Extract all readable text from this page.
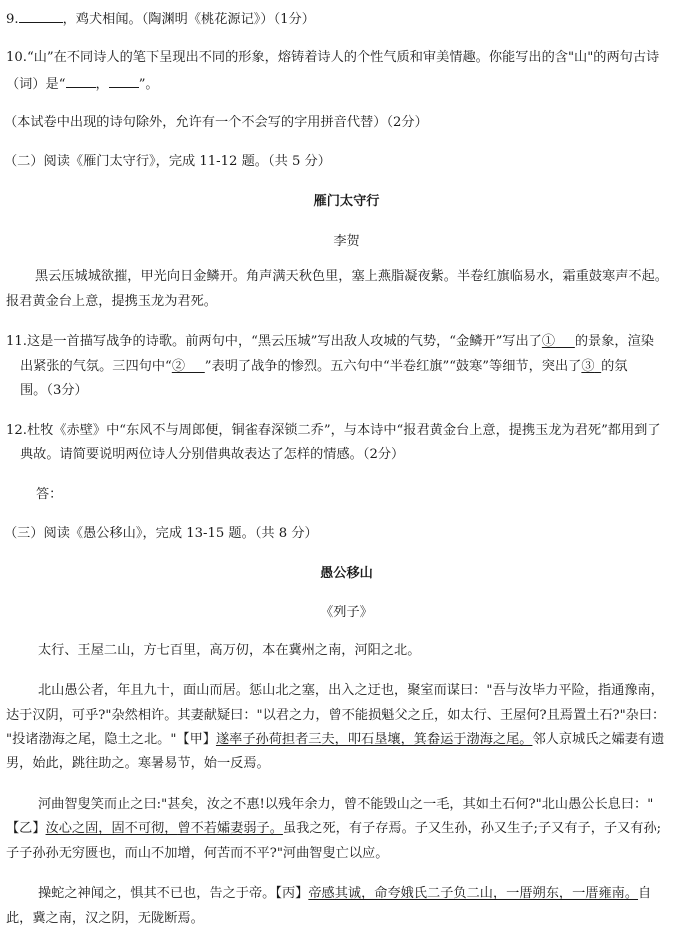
9.	，鸡犬相闻。（陶渊明《桃花源记》）（1分）
10.“山”在不同诗人的笔下呈现出不同的形象，熔铸着诗人的个性气质和审美情趣。你能写出的含"山"的两句古诗
（词）是“ ， ”。
（本试卷中出现的诗句除外，允许有一个不会写的字用拼音代替）（2分）
（二）阅读《雁门太守行》，完成 11-12 题。（共 5 分）
雁门太守行
李贺
黑云压城城欲摧，甲光向日金鳞开。角声满天秋色里，塞上燕脂凝夜紫。半卷红旗临易水，霜重鼓寒声不起。
报君黄金台上意，提携玉龙为君死。
11.这是一首描写战争的诗歌。前两句中，“黑云压城”写出敌人攻城的气势，“金鳞开”写出了①　  的景象，渲染
出紧张的气氛。三四句中“②　  ”表明了战争的惨烈。五六句中“半卷红旗”“鼓寒”等细节，突出了③  的氛
围。（3分）
12.杜牧《赤壁》中“东风不与周郎便，铜雀春深锁二乔”，与本诗中“报君黄金台上意，提携玉龙为君死”都用到了
典故。请简要说明两位诗人分别借典故表达了怎样的情感。（2分）
答：
（三）阅读《愚公移山》，完成 13-15 题。（共 8 分）
愚公移山
《列子》
太行、王屋二山，方七百里，高万仞，本在冀州之南，河阳之北。
北山愚公者，年且九十，面山而居。惩山北之塞，出入之迂也，聚室而谋曰："吾与汝毕力平险，指通豫南，
达于汉阴，可乎?"杂然相许。其妻献疑曰："以君之力，曾不能损魁父之丘，如太行、王屋何?且焉置土石?"杂曰：
"投诸渤海之尾，隐土之北。"【甲】遂率子孙荷担者三夫，叩石垦壤，箕畚运于渤海之尾。邻人京城氏之孀妻有遗
男，始此，跳往助之。寒暑易节，始一反焉。
河曲智叟笑而止之曰:"甚矣，汝之不惠!以残年余力，曾不能毁山之一毛，其如土石何?"北山愚公长息曰："
【乙】汝心之固，固不可彻，曾不若孀妻弱子。虽我之死，有子存焉。子又生孙，孙又生子;子又有子，子又有孙;
子子孙孙无穷匮也，而山不加增，何苦而不平?"河曲智叟亡以应。
操蛇之神闻之，惧其不已也，告之于帝。【丙】帝感其诚，命夸娥氏二子负二山，一厝朔东，一厝雍南。自
此，冀之南，汉之阴，无陇断焉。
